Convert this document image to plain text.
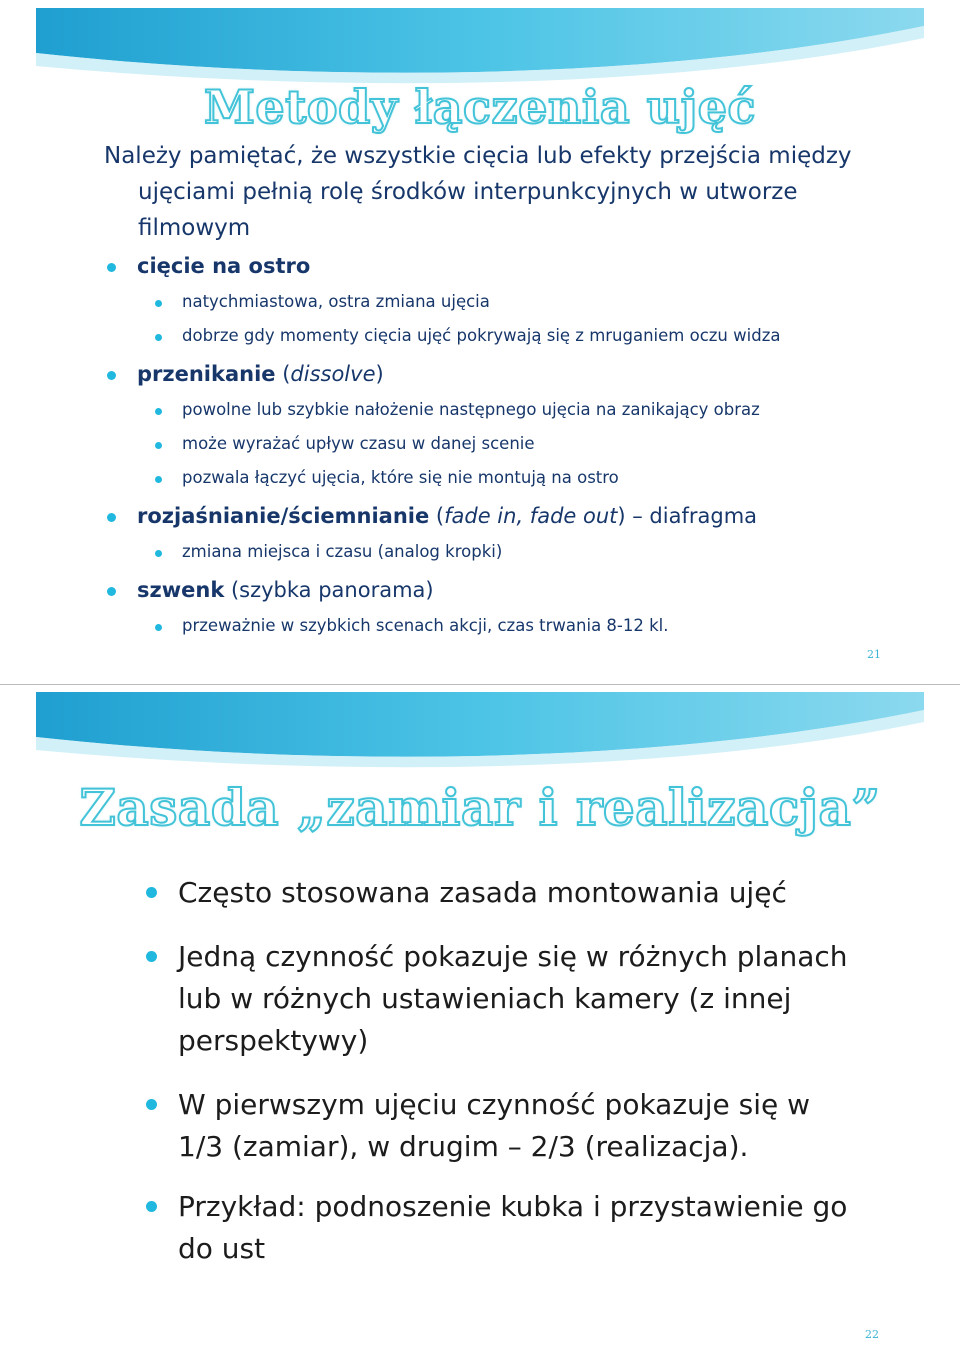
Metody łączenia ujęć
Należy pamiętać, że wszystkie cięcia lub efekty przejścia między
ujęciami pełnią rolę środków interpunkcyjnych w utworze
filmowym
cięcie na ostro
natychmiastowa, ostra zmiana ujęcia
dobrze gdy momenty cięcia ujęć pokrywają się z mruganiem oczu widza
przenikanie (dissolve)
powolne lub szybkie nałożenie następnego ujęcia na zanikający obraz
może wyrażać upływ czasu w danej scenie
pozwala łączyć ujęcia, które się nie montują na ostro
rozjaśnianie/ściemnianie (fade in, fade out) – diafragma
zmiana miejsca i czasu (analog kropki)
szwenk (szybka panorama)
przeważnie w szybkich scenach akcji, czas trwania 8-12 kl.
21
Zasada „zamiar i realizacja”
Często stosowana zasada montowania ujęć
Jedną czynność pokazuje się w różnych planach
lub w różnych ustawieniach kamery (z innej
perspektywy)
W pierwszym ujęciu czynność pokazuje się w
1/3 (zamiar), w drugim – 2/3 (realizacja).
Przykład: podnoszenie kubka i przystawienie go
do ust
22
